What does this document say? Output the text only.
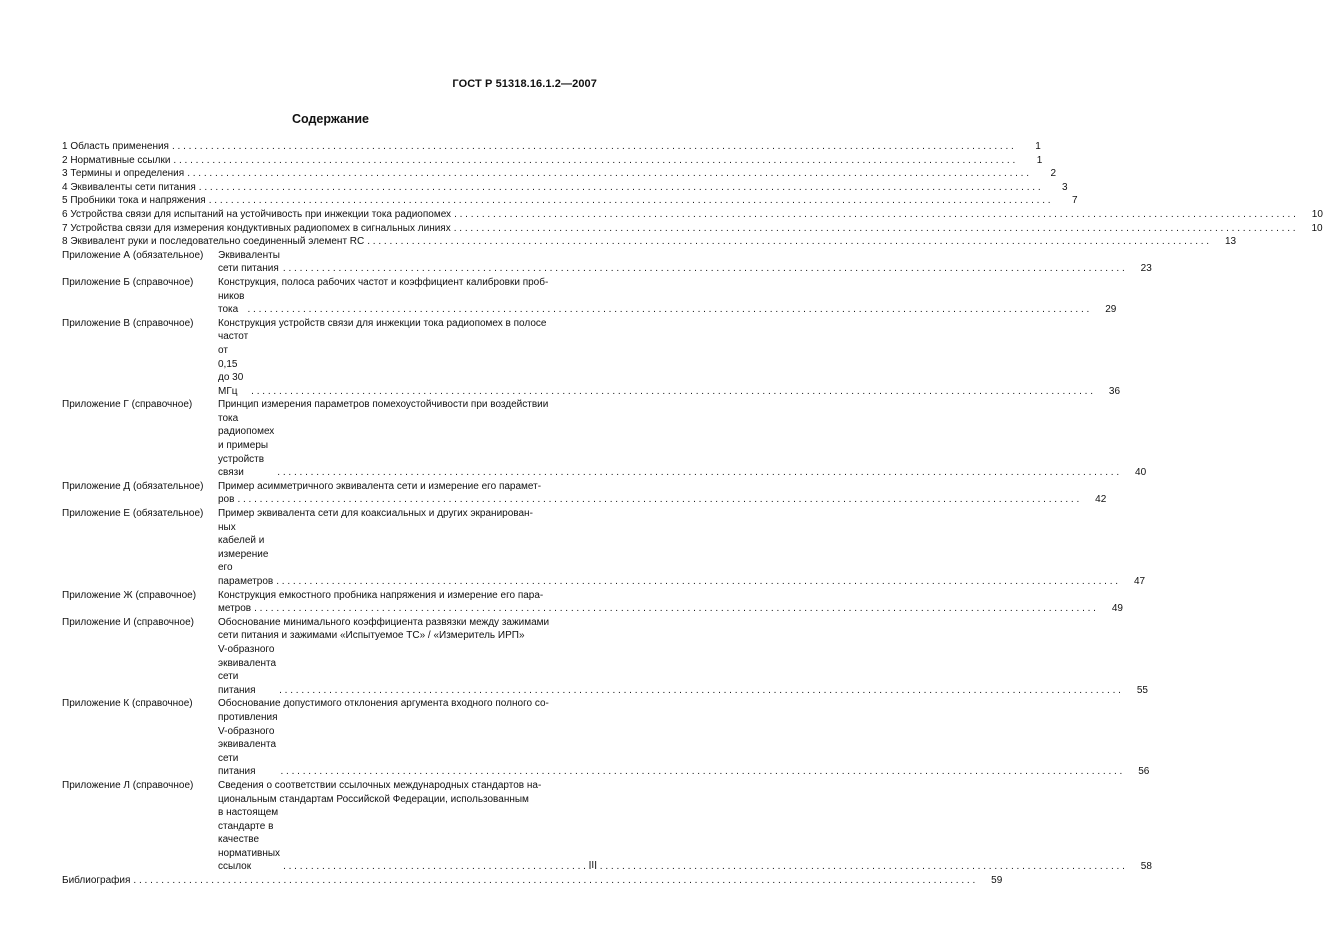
ГОСТ Р 51318.16.1.2—2007
Содержание
1 Область применения . . .	1
2 Нормативные ссылки . . .	1
3 Термины и определения . . .	2
4 Эквиваленты сети питания . . .	3
5 Пробники тока и напряжения . . .	7
6 Устройства связи для испытаний на устойчивость при инжекции тока радиопомех . . .	10
7 Устройства связи для измерения кондуктивных радиопомех в сигнальных линиях . . .	10
8 Эквивалент руки и последовательно соединенный элемент RC . . .	13
Приложение А (обязательное)	Эквиваленты сети питания . . .	23
Приложение Б (справочное)	Конструкция, полоса рабочих частот и коэффициент калибровки проб-
ников тока . . .	29
Приложение В (справочное)	Конструкция устройств связи для инжекции тока радиопомех в полосе
частот от 0,15 до 30 МГц . . .	36
Приложение Г (справочное)	Принцип измерения параметров помехоустойчивости при воздействии
тока радиопомех и примеры устройств связи . . .	40
Приложение Д (обязательное)	Пример асимметричного эквивалента сети и измерение его парамет-
ров . . .	42
Приложение Е (обязательное)	Пример эквивалента сети для коаксиальных и других экранирован-
ных кабелей и измерение его параметров . . .	47
Приложение Ж (справочное)	Конструкция емкостного пробника напряжения и измерение его пара-
метров . . .	49
Приложение И (справочное)	Обоснование минимального коэффициента развязки между зажимами
сети питания и зажимами «Испытуемое ТС» / «Измеритель ИРП»
V-образного эквивалента сети питания . . .	55
Приложение К (справочное)	Обоснование допустимого отклонения аргумента входного полного со-
противления V-образного эквивалента сети питания . . .	56
Приложение Л (справочное)	Сведения о соответствии ссылочных международных стандартов на-
циональным стандартам Российской Федерации, использованным
в настоящем стандарте в качестве нормативных ссылок . . .	58
Библиография . . .	59
III
